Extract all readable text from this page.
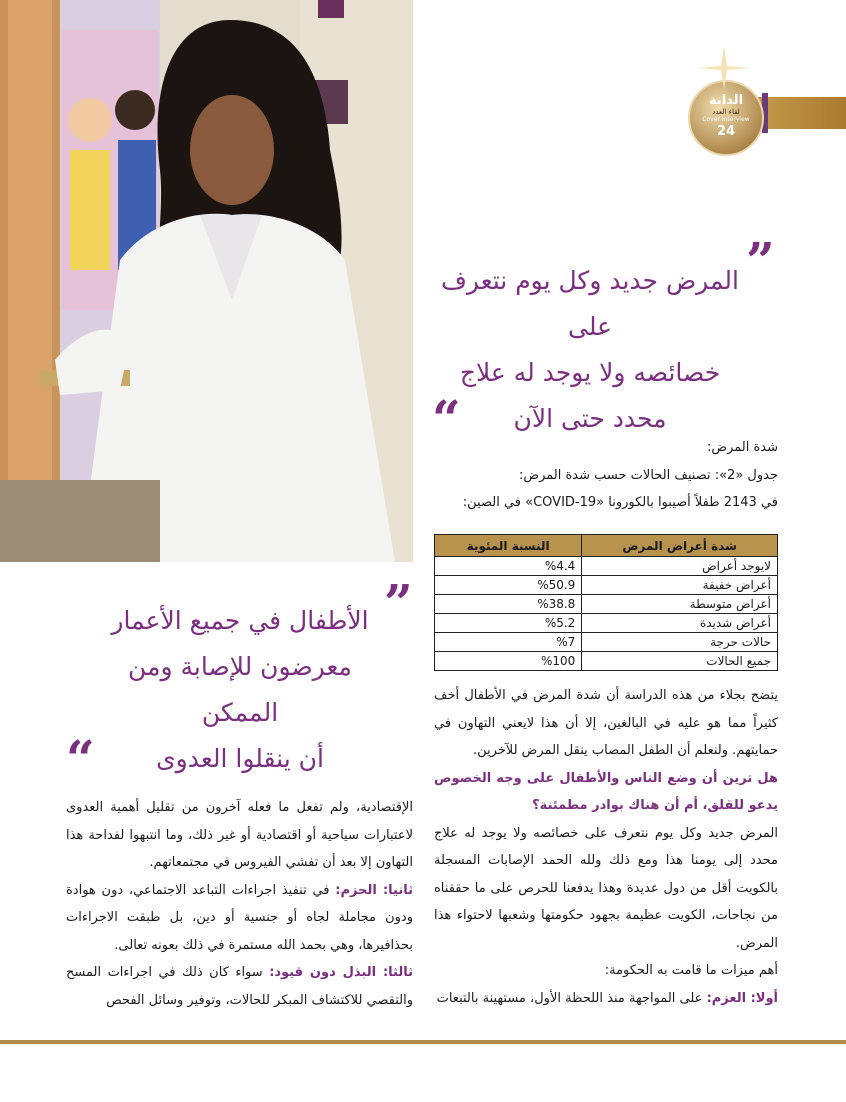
الدانة
لقاء العدد
Cover Interview
24
”
المرض جديد وكل يوم نتعرف على
خصائصه ولا يوجد له علاج
محدد حتى الآن
“	شدة المرض:

جدول «2»: تصنيف الحالات حسب شدة المرض:

في 2143 طفلاً أصيبوا بالكورونا «COVID-19» في الصين:

شدة أعراض المرض	النسبة المئوية
لايوجد أعراض	%4.4
أعراض خفيفة	%50.9
أعراض متوسطة	%38.8
أعراض شديدة	%5.2
حالات حرجة	%7
جميع الحالات	%100

يتضح بجلاء من هذه الدراسة أن شدة المرض في الأطفال أخف كثيراً مما هو عليه في البالغين، إلا أن هذا لايعني التهاون في حمايتهم. ولنعلم أن الطفل المصاب ينقل المرض للآخرين.

هل ترين أن وضع الناس والأطفال على وجه الخصوص يدعو للقلق، أم أن هناك بوادر مطمئنة؟

المرض جديد وكل يوم نتعرف على خصائصه ولا يوجد له علاج محدد إلى يومنا هذا ومع ذلك ولله الحمد الإصابات المسجلة بالكويت أقل من دول عديدة وهذا يدفعنا للحرص على ما حققناه من نجاحات، الكويت عظيمة بجهود حكومتها وشعبها لاحتواء هذا المرض.

أهم ميزات ما قامت به الحكومة:

أولا: العزم: على المواجهة منذ اللحظة الأول، مستهينة بالتبعات

”
الأطفال في جميع الأعمار
معرضون للإصابة ومن الممكن
أن ينقلوا العدوى
“

الإقتصادية، ولم تفعل ما فعله آخرون من تقليل أهمية العدوى لاعتبارات سياحية أو اقتصادية أو غير ذلك، وما انتبهوا لفداحة هذا التهاون إلا بعد أن تفشي الفيروس في مجتمعاتهم.

ثانيا: الحزم: في تنفيذ اجراءات التباعد الاجتماعي، دون هوادة ودون مجاملة لجاه أو جنسية أو دين، بل طبقت الاجراءات بحذافيرها، وهي بحمد الله مستمرة في ذلك بعونه تعالى.

ثالثا: البذل دون قيود: سواء كان ذلك في اجراءات المسح والتقصي للاكتشاف المبكر للحالات، وتوفير وسائل الفحص
